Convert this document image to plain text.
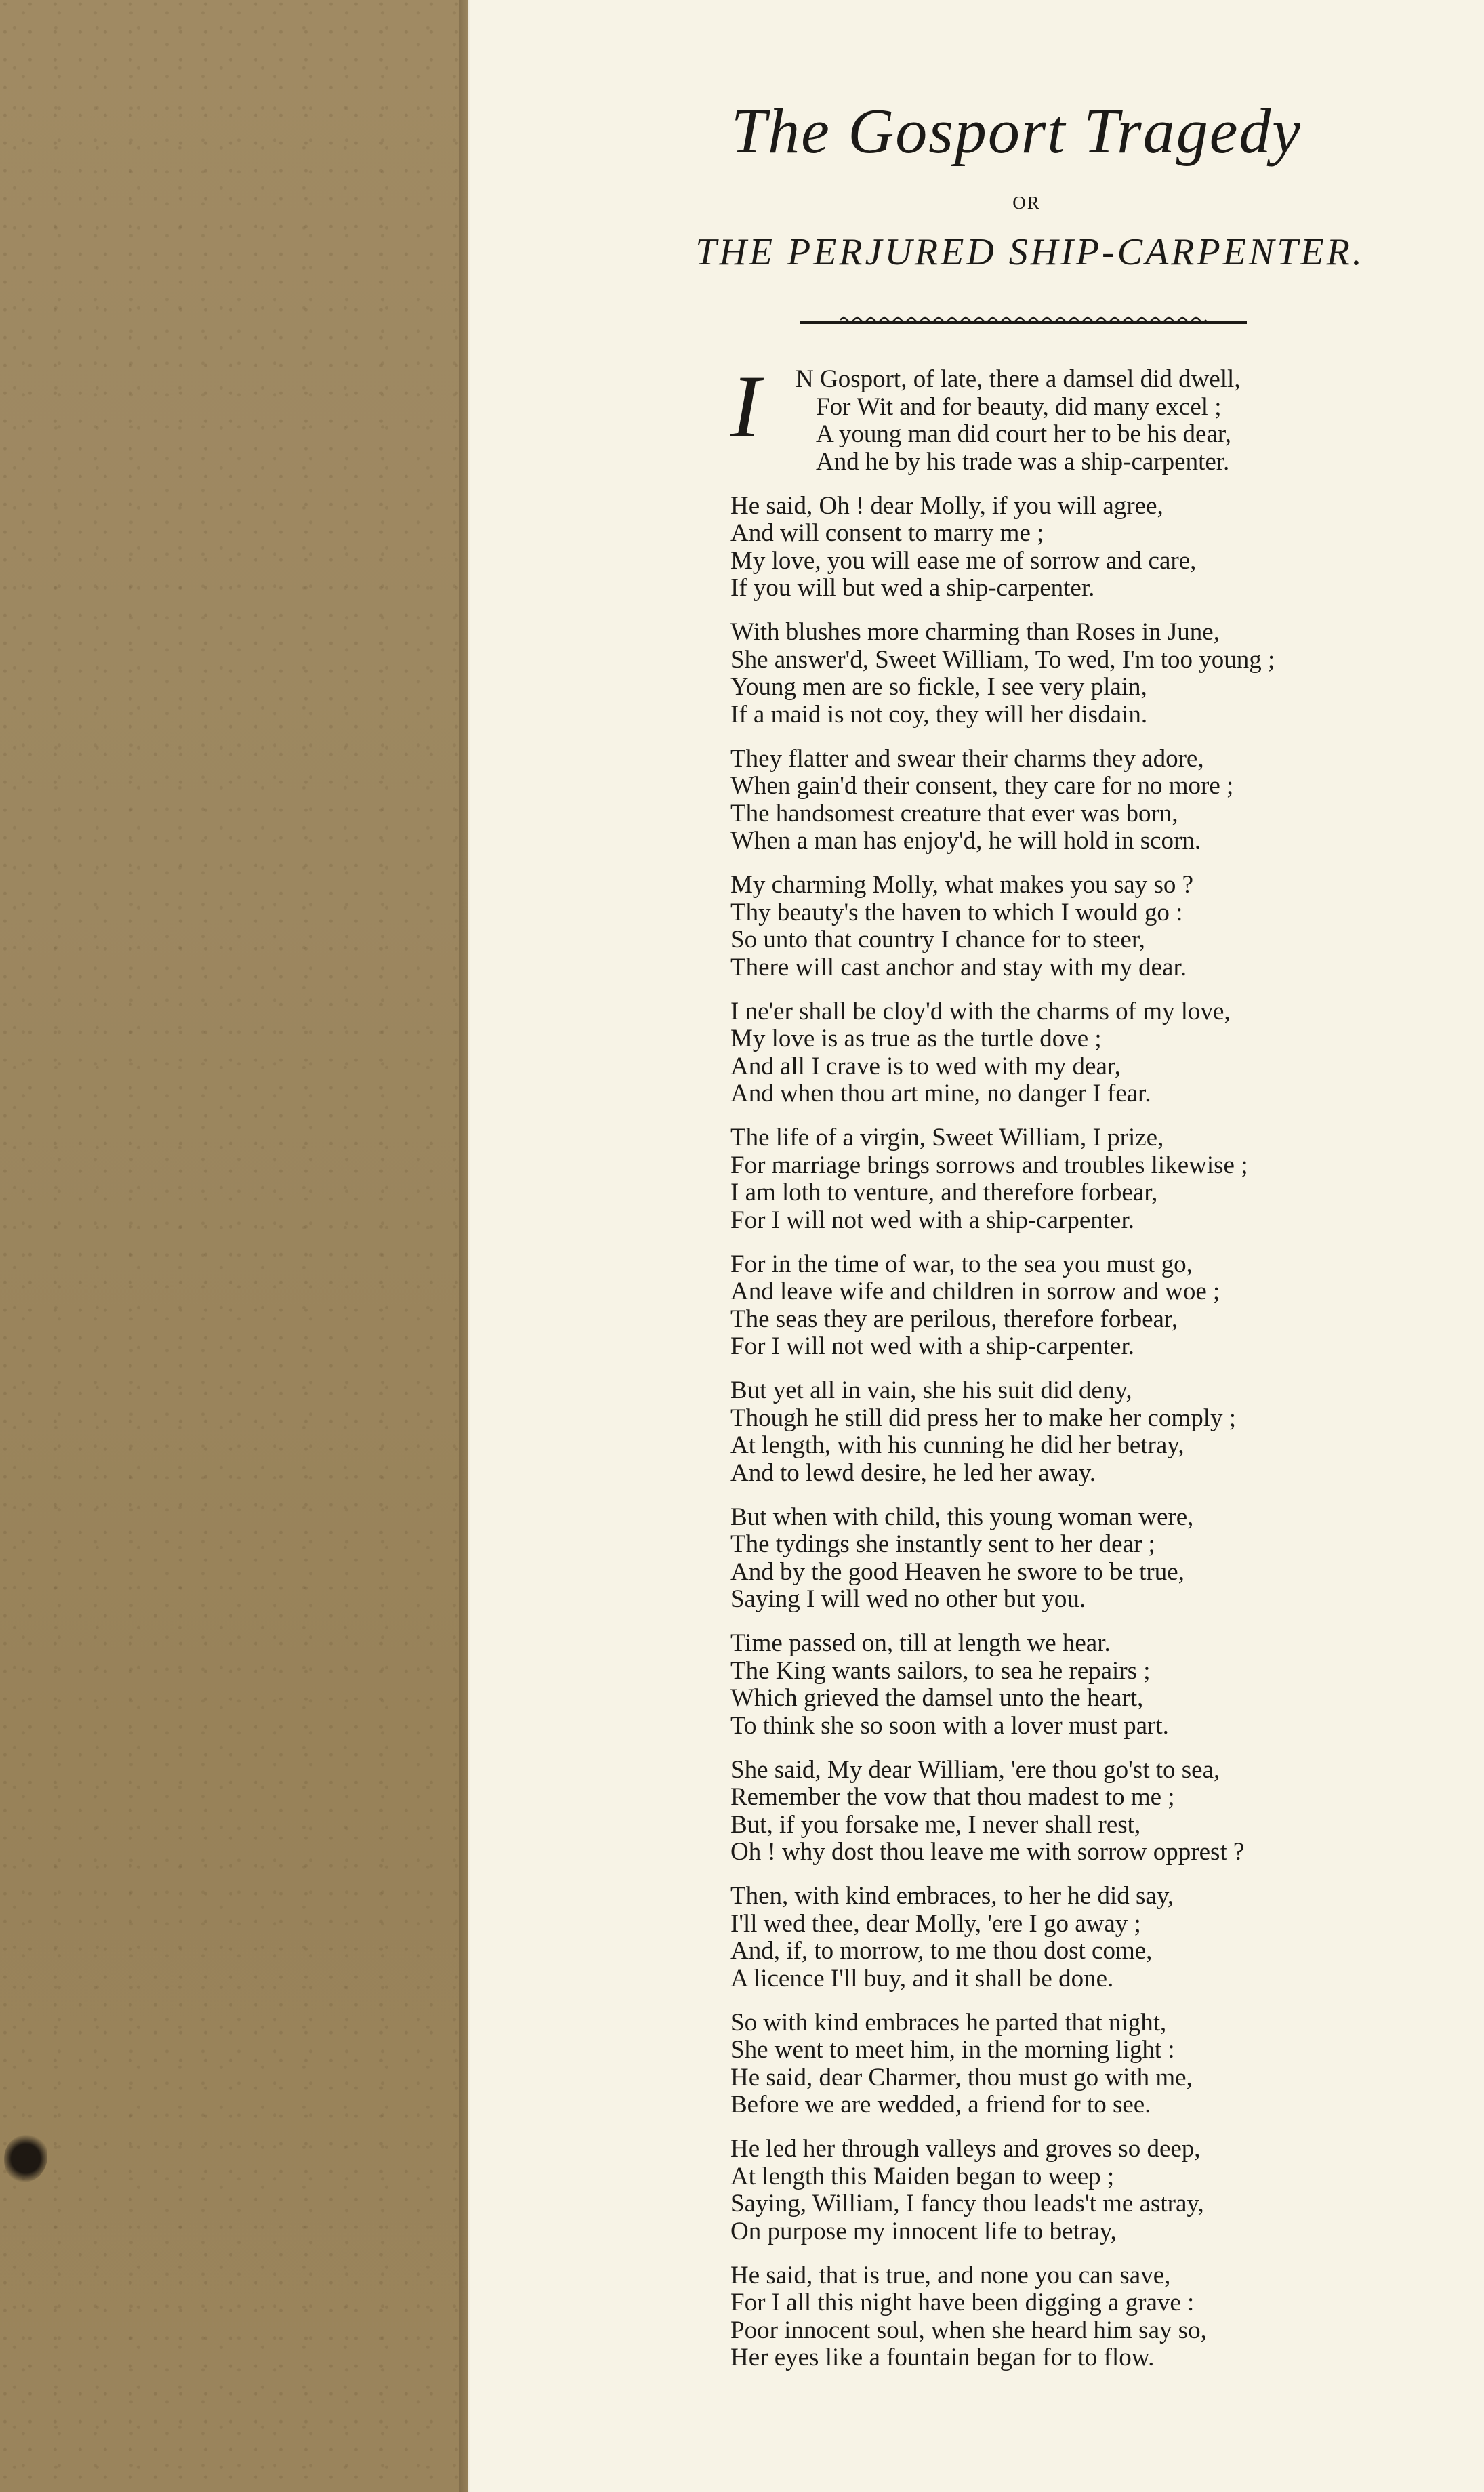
The Gosport Tragedy
OR
THE PERJURED SHIP-CARPENTER.
I	N Gosport, of late, there a damsel did dwell,
For Wit and for beauty, did many excel ;
A young man did court her to be his dear,
And he by his trade was a ship-carpenter.
He said, Oh ! dear Molly, if you will agree,
And will consent to marry me ;
My love, you will ease me of sorrow and care,
If you will but wed a ship-carpenter.
With blushes more charming than Roses in June,
She answer'd, Sweet William, To wed, I'm too young ;
Young men are so fickle, I see very plain,
If a maid is not coy, they will her disdain.
They flatter and swear their charms they adore,
When gain'd their consent, they care for no more ;
The handsomest creature that ever was born,
When a man has enjoy'd, he will hold in scorn.
My charming Molly, what makes you say so ?
Thy beauty's the haven to which I would go :
So unto that country I chance for to steer,
There will cast anchor and stay with my dear.
I ne'er shall be cloy'd with the charms of my love,
My love is as true as the turtle dove ;
And all I crave is to wed with my dear,
And when thou art mine, no danger I fear.
The life of a virgin, Sweet William, I prize,
For marriage brings sorrows and troubles likewise ;
I am loth to venture, and therefore forbear,
For I will not wed with a ship-carpenter.
For in the time of war, to the sea you must go,
And leave wife and children in sorrow and woe ;
The seas they are perilous, therefore forbear,
For I will not wed with a ship-carpenter.
But yet all in vain, she his suit did deny,
Though he still did press her to make her comply ;
At length, with his cunning he did her betray,
And to lewd desire, he led her away.
But when with child, this young woman were,
The tydings she instantly sent to her dear ;
And by the good Heaven he swore to be true,
Saying I will wed no other but you.
Time passed on, till at length we hear.
The King wants sailors, to sea he repairs ;
Which grieved the damsel unto the heart,
To think she so soon with a lover must part.
She said, My dear William, 'ere thou go'st to sea,
Remember the vow that thou madest to me ;
But, if you forsake me, I never shall rest,
Oh ! why dost thou leave me with sorrow opprest ?
Then, with kind embraces, to her he did say,
I'll wed thee, dear Molly, 'ere I go away ;
And, if, to morrow, to me thou dost come,
A licence I'll buy, and it shall be done.
So with kind embraces he parted that night,
She went to meet him, in the morning light :
He said, dear Charmer, thou must go with me,
Before we are wedded, a friend for to see.
He led her through valleys and groves so deep,
At length this Maiden began to weep ;
Saying, William, I fancy thou leads't me astray,
On purpose my innocent life to betray,
He said, that is true, and none you can save,
For I all this night have been digging a grave :
Poor innocent soul, when she heard him say so,
Her eyes like a fountain began for to flow.
